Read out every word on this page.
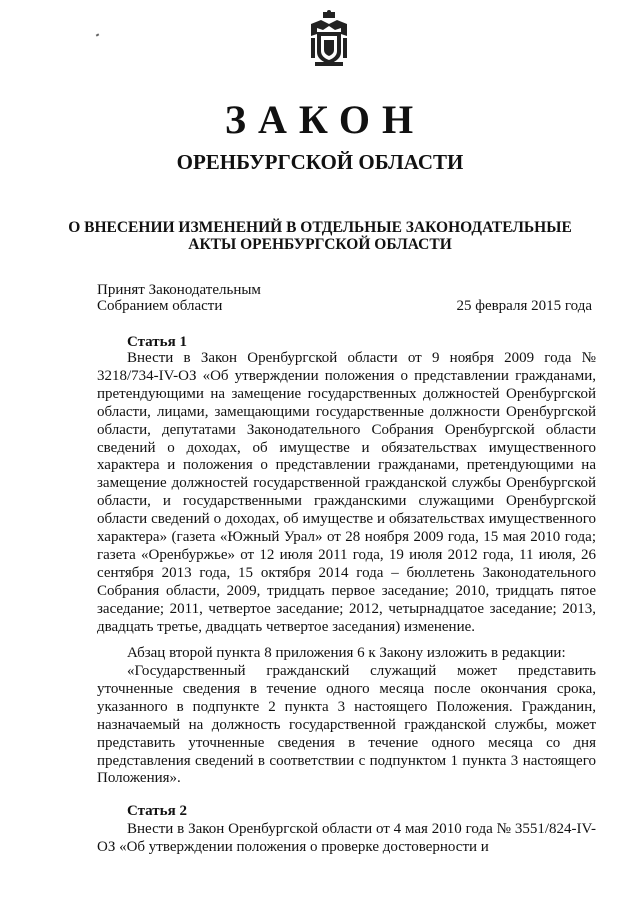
ЗАКОН
ОРЕНБУРГСКОЙ ОБЛАСТИ
О ВНЕСЕНИИ ИЗМЕНЕНИЙ В ОТДЕЛЬНЫЕ ЗАКОНОДАТЕЛЬНЫЕ
АКТЫ ОРЕНБУРГСКОЙ ОБЛАСТИ
Принят Законодательным
Собранием области	25 февраля 2015 года
Статья 1

Внести в Закон Оренбургской области от 9 ноября 2009 года № 3218/734-IV-ОЗ «Об утверждении положения о представлении гражданами, претендующими на замещение государственных должностей Оренбургской области, лицами, замещающими государственные должности Оренбургской области, депутатами Законодательного Собрания Оренбургской области сведений о доходах, об имуществе и обязательствах имущественного характера и положения о представлении гражданами, претендующими на замещение должностей государственной гражданской службы Оренбургской области, и государственными гражданскими служащими Оренбургской области сведений о доходах, об имуществе и обязательствах имущественного характера» (газета «Южный Урал» от 28 ноября 2009 года, 15 мая 2010 года; газета «Оренбуржье» от 12 июля 2011 года, 19 июля 2012 года, 11 июля, 26 сентября 2013 года, 15 октября 2014 года – бюллетень Законодательного Собрания области, 2009, тридцать первое заседание; 2010, тридцать пятое заседание; 2011, четвертое заседание; 2012, четырнадцатое заседание; 2013, двадцать третье, двадцать четвертое заседания) изменение.

Абзац второй пункта 8 приложения 6 к Закону изложить в редакции:

«Государственный гражданский служащий может представить уточненные сведения в течение одного месяца после окончания срока, указанного в подпункте 2 пункта 3 настоящего Положения. Гражданин, назначаемый на должность государственной гражданской службы, может представить уточненные сведения в течение одного месяца со дня представления сведений в соответствии с подпунктом 1 пункта 3 настоящего Положения».

Статья 2

Внести в Закон Оренбургской области от 4 мая 2010 года № 3551/824-IV-ОЗ «Об утверждении положения о проверке достоверности и
